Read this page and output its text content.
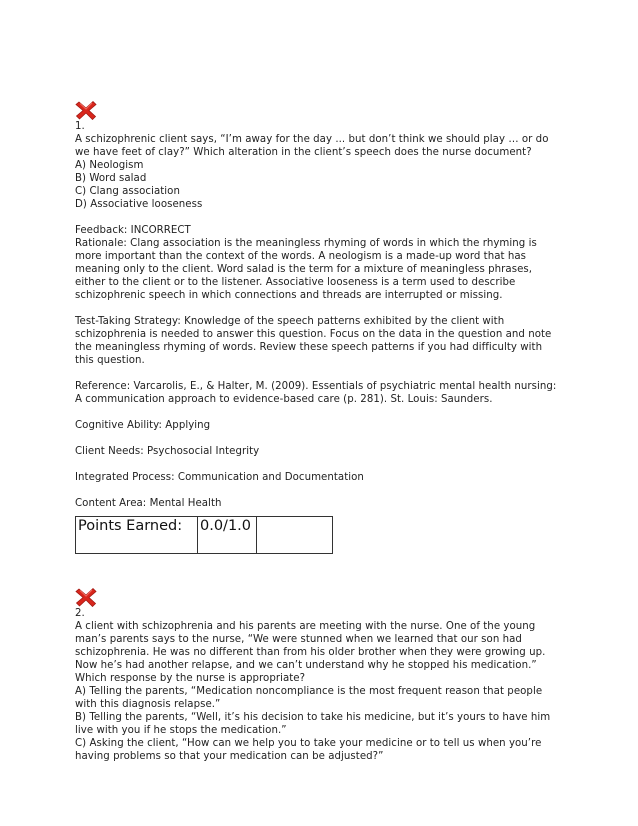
1.
A schizophrenic client says, “I’m away for the day ... but don’t think we should play … or do
we have feet of clay?” Which alteration in the client’s speech does the nurse document?
A) Neologism
B) Word salad
C) Clang association
D) Associative looseness
Feedback: INCORRECT
Rationale: Clang association is the meaningless rhyming of words in which the rhyming is
more important than the context of the words. A neologism is a made-up word that has
meaning only to the client. Word salad is the term for a mixture of meaningless phrases,
either to the client or to the listener. Associative looseness is a term used to describe
schizophrenic speech in which connections and threads are interrupted or missing.
Test-Taking Strategy: Knowledge of the speech patterns exhibited by the client with
schizophrenia is needed to answer this question. Focus on the data in the question and note
the meaningless rhyming of words. Review these speech patterns if you had difficulty with
this question.
Reference: Varcarolis, E., & Halter, M. (2009). Essentials of psychiatric mental health nursing:
A communication approach to evidence-based care (p. 281). St. Louis: Saunders.
Cognitive Ability: Applying
Client Needs: Psychosocial Integrity
Integrated Process: Communication and Documentation
Content Area: Mental Health
Points Earned:	0.0/1.0	
2.
A client with schizophrenia and his parents are meeting with the nurse. One of the young
man’s parents says to the nurse, “We were stunned when we learned that our son had
schizophrenia. He was no different than from his older brother when they were growing up.
Now he’s had another relapse, and we can’t understand why he stopped his medication.”
Which response by the nurse is appropriate?
A) Telling the parents, “Medication noncompliance is the most frequent reason that people
with this diagnosis relapse.”
B) Telling the parents, “Well, it’s his decision to take his medicine, but it’s yours to have him
live with you if he stops the medication.”
C) Asking the client, “How can we help you to take your medicine or to tell us when you’re
having problems so that your medication can be adjusted?”
